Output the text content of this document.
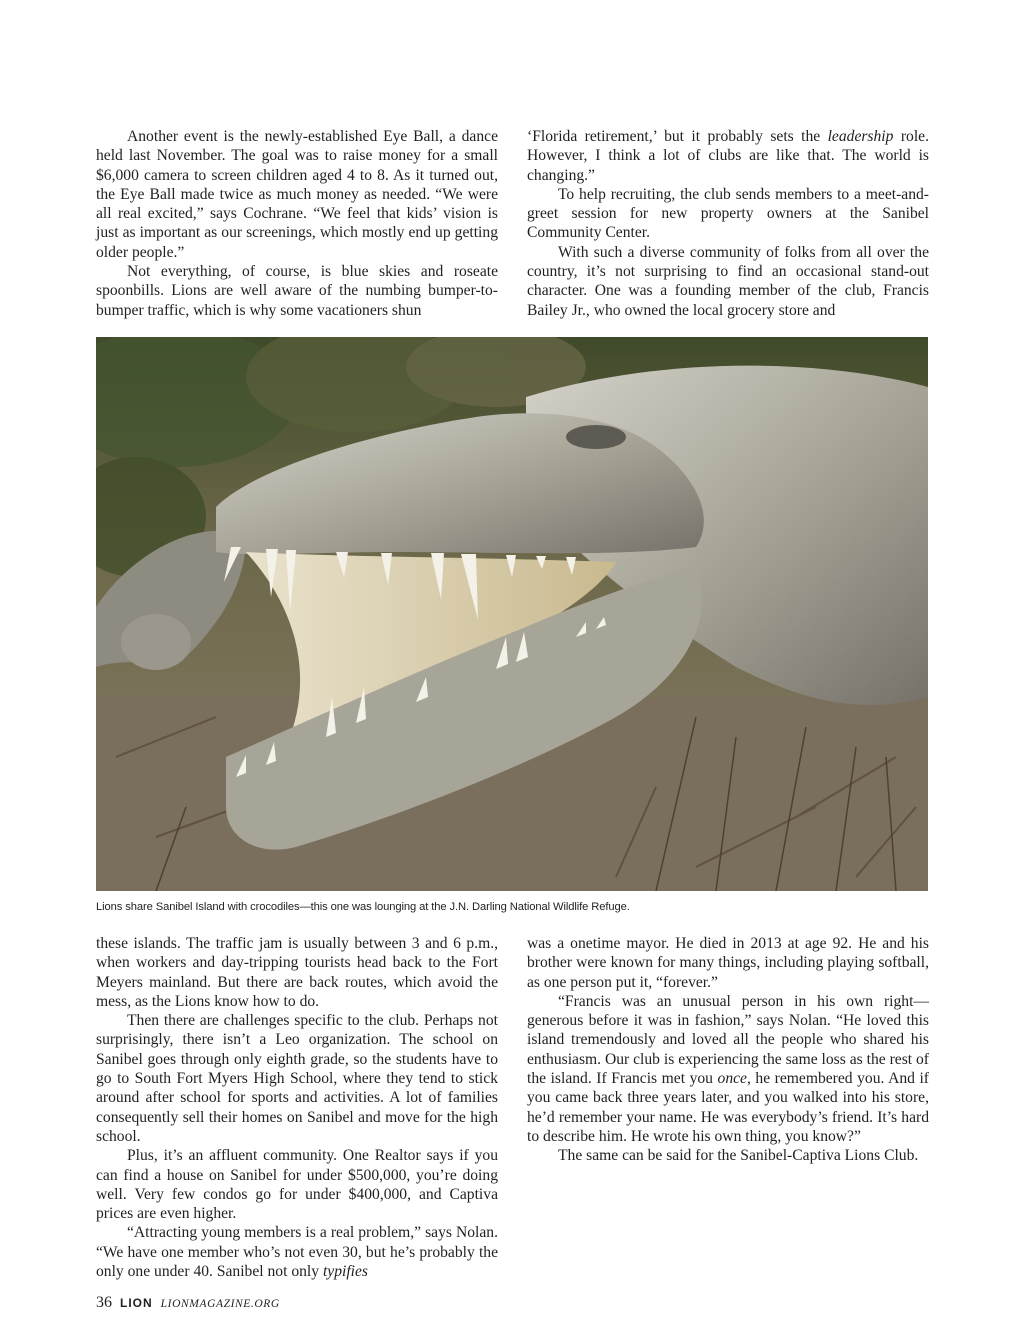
Another event is the newly-established Eye Ball, a dance held last November. The goal was to raise money for a small $6,000 camera to screen children aged 4 to 8. As it turned out, the Eye Ball made twice as much money as needed. “We were all real excited,” says Cochrane. “We feel that kids’ vision is just as important as our screenings, which mostly end up getting older people.”

Not everything, of course, is blue skies and roseate spoonbills. Lions are well aware of the numbing bumper-to-bumper traffic, which is why some vacationers shun

‘Florida retirement,’ but it probably sets the leadership role. However, I think a lot of clubs are like that. The world is changing.”

To help recruiting, the club sends members to a meet-and-greet session for new property owners at the Sanibel Community Center.

With such a diverse community of folks from all over the country, it’s not surprising to find an occasional stand-out character. One was a founding member of the club, Francis Bailey Jr., who owned the local grocery store and

Lions share Sanibel Island with crocodiles—this one was lounging at the J.N. Darling National Wildlife Refuge.

these islands. The traffic jam is usually between 3 and 6 p.m., when workers and day-tripping tourists head back to the Fort Meyers mainland. But there are back routes, which avoid the mess, as the Lions know how to do.

Then there are challenges specific to the club. Perhaps not surprisingly, there isn’t a Leo organization. The school on Sanibel goes through only eighth grade, so the students have to go to South Fort Myers High School, where they tend to stick around after school for sports and activities. A lot of families consequently sell their homes on Sanibel and move for the high school.

Plus, it’s an affluent community. One Realtor says if you can find a house on Sanibel for under $500,000, you’re doing well. Very few condos go for under $400,000, and Captiva prices are even higher.

“Attracting young members is a real problem,” says Nolan. “We have one member who’s not even 30, but he’s probably the only one under 40. Sanibel not only typifies

was a onetime mayor. He died in 2013 at age 92. He and his brother were known for many things, including playing softball, as one person put it, “forever.”

“Francis was an unusual person in his own right—generous before it was in fashion,” says Nolan. “He loved this island tremendously and loved all the people who shared his enthusiasm. Our club is experiencing the same loss as the rest of the island. If Francis met you once, he remembered you. And if you came back three years later, and you walked into his store, he’d remember your name. He was everybody’s friend. It’s hard to describe him. He wrote his own thing, you know?”

The same can be said for the Sanibel-Captiva Lions Club.

36 LION LIONMAGAZINE.ORG
